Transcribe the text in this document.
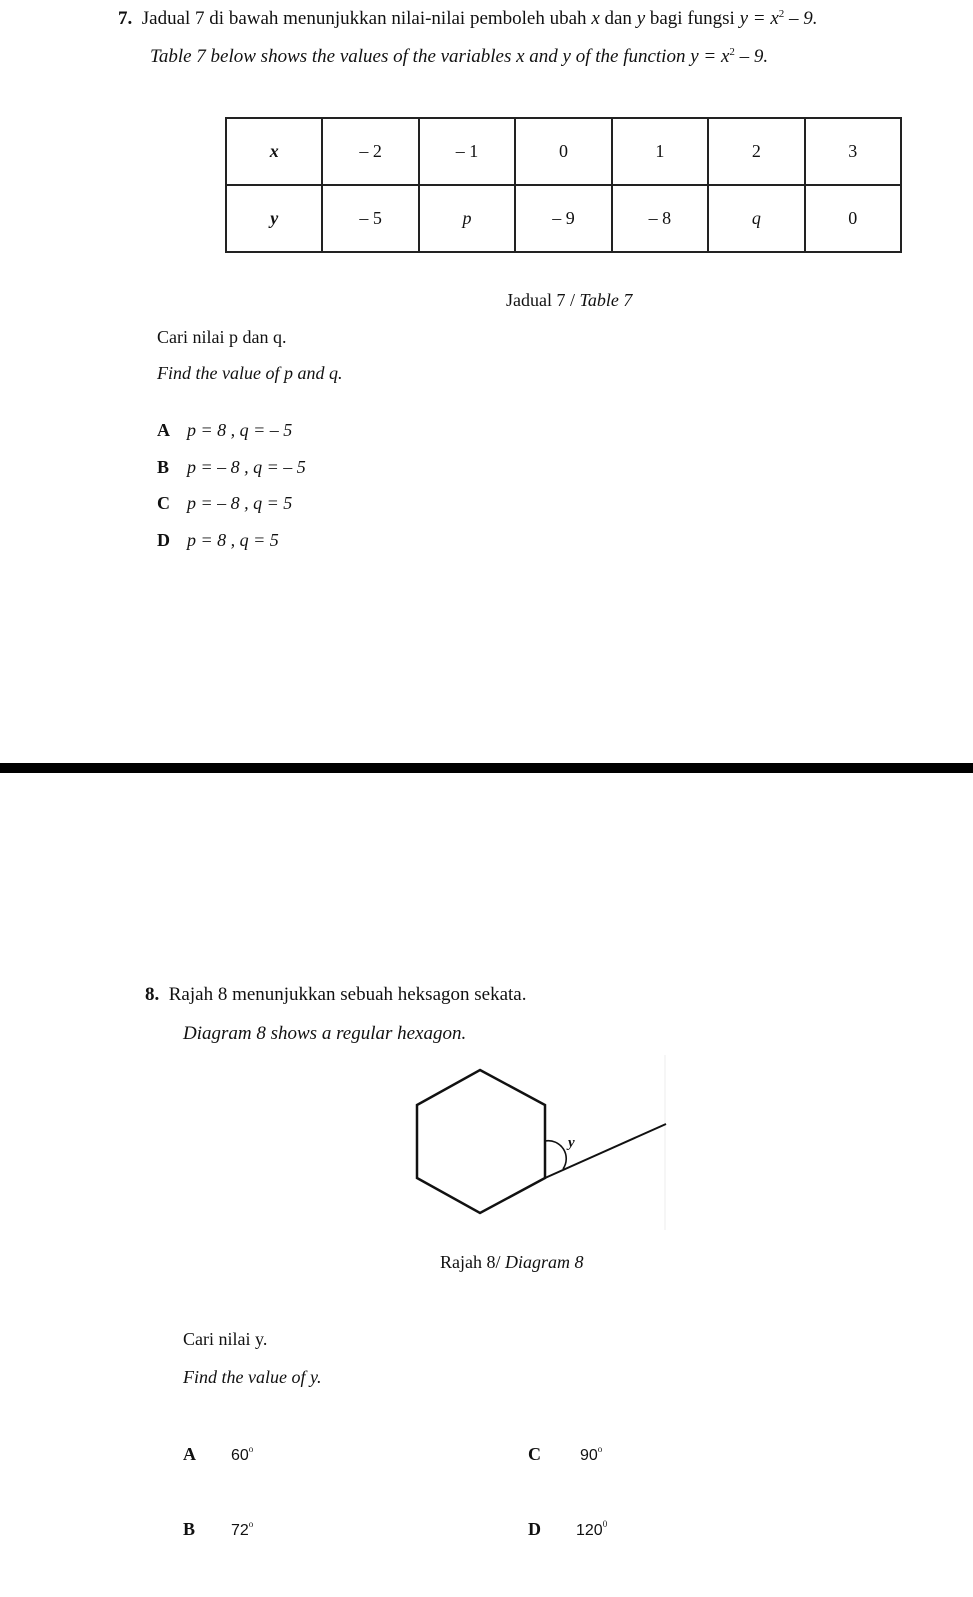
7. Jadual 7 di bawah menunjukkan nilai-nilai pemboleh ubah x dan y bagi fungsi $y = x^2 - 9$.
Table 7 below shows the values of the variables x and y of the function $y = x^2 - 9$.
x	– 2	– 1	0	1	2	3
y	– 5	p	– 9	– 8	q	0
Jadual 7 / Table 7
Cari nilai p dan q.
Find the value of p and q.
A p = 8 , q = – 5
B p = – 8 , q = – 5
C p = – 8 , q = 5
D p = 8 , q = 5
8. Rajah 8 menunjukkan sebuah heksagon sekata.
Diagram 8 shows a regular hexagon.
y
Rajah 8/ Diagram 8
Cari nilai y.
Find the value of y.
A 60$^o$	C 90$^o$
B 72$^o$	D $120^0$
